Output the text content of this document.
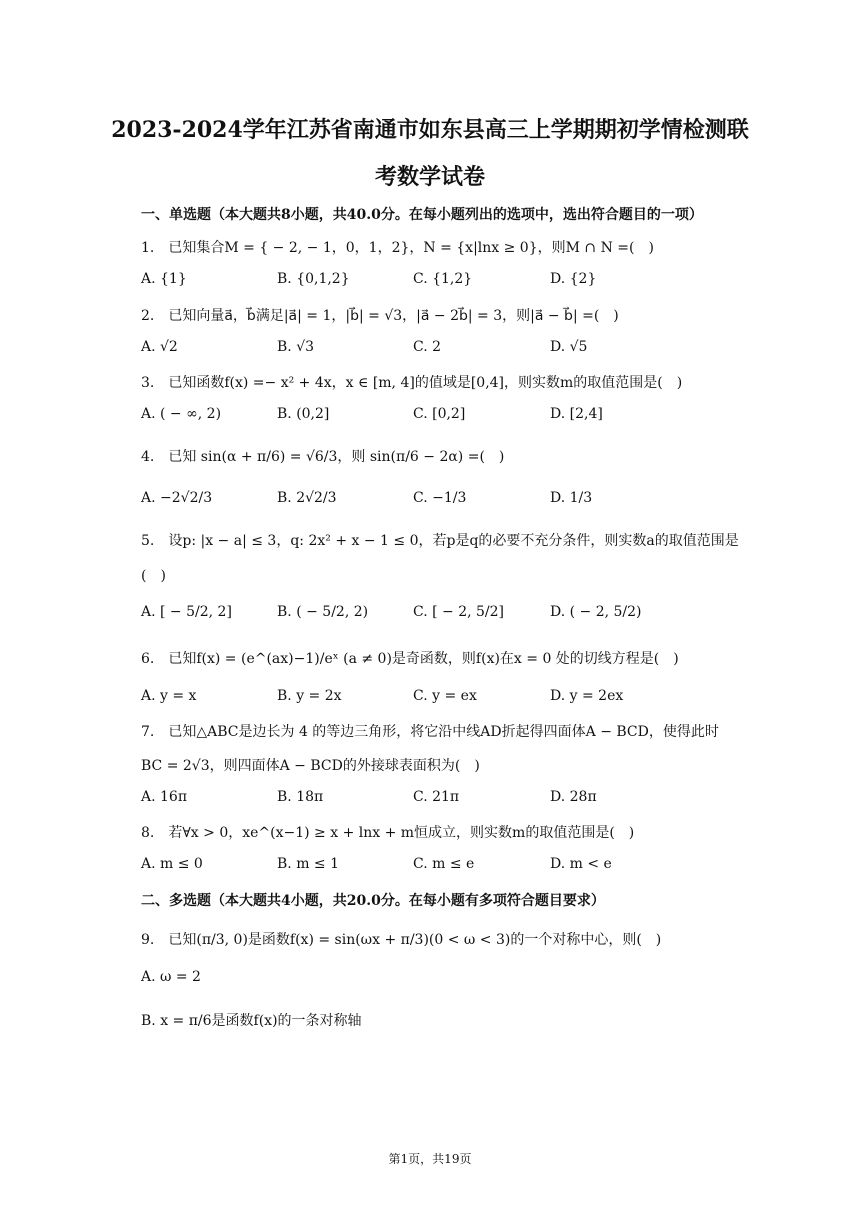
2023-2024学年江苏省南通市如东县高三上学期期初学情检测联
考数学试卷
一、单选题（本大题共8小题，共40.0分。在每小题列出的选项中，选出符合题目的一项）
1.　已知集合M = { − 2, − 1，0，1，2}，N = {x|lnx ≥ 0}，则M ∩ N =(　)
A. {1}	B. {0,1,2}	C. {1,2}	D. {2}
2.　已知向量a⃗，b⃗满足|a⃗| = 1，|b⃗| = √3，|a⃗ − 2b⃗| = 3，则|a⃗ − b⃗| =(　)
A. √2	B. √3	C. 2	D. √5
3.　已知函数f(x) =− x² + 4x，x ∈ [m, 4]的值域是[0,4]，则实数m的取值范围是(　)
A. ( − ∞, 2)	B. (0,2]	C. [0,2]	D. [2,4]
4.　已知 sin(α + π/6) = √6/3，则 sin(π/6 − 2α) =(　)
A. −2√2/3	B. 2√2/3	C. −1/3	D. 1/3
5.　设p: |x − a| ≤ 3，q: 2x² + x − 1 ≤ 0，若p是q的必要不充分条件，则实数a的取值范围是
(　)
A. [ − 5/2, 2]	B. ( − 5/2, 2)	C. [ − 2, 5/2]	D. ( − 2, 5/2)
6.　已知f(x) = (e^(ax)−1)/eˣ (a ≠ 0)是奇函数，则f(x)在x = 0 处的切线方程是(　)
A. y = x	B. y = 2x	C. y = ex	D. y = 2ex
7.　已知△ABC是边长为 4 的等边三角形，将它沿中线AD折起得四面体A − BCD，使得此时
BC = 2√3，则四面体A − BCD的外接球表面积为(　)
A. 16π	B. 18π	C. 21π	D. 28π
8.　若∀x > 0，xe^(x−1) ≥ x + lnx + m恒成立，则实数m的取值范围是(　)
A. m ≤ 0	B. m ≤ 1	C. m ≤ e	D. m < e
二、多选题（本大题共4小题，共20.0分。在每小题有多项符合题目要求）
9.　已知(π/3, 0)是函数f(x) = sin(ωx + π/3)(0 < ω < 3)的一个对称中心，则(　)
A. ω = 2
B. x = π/6是函数f(x)的一条对称轴
第1页，共19页
